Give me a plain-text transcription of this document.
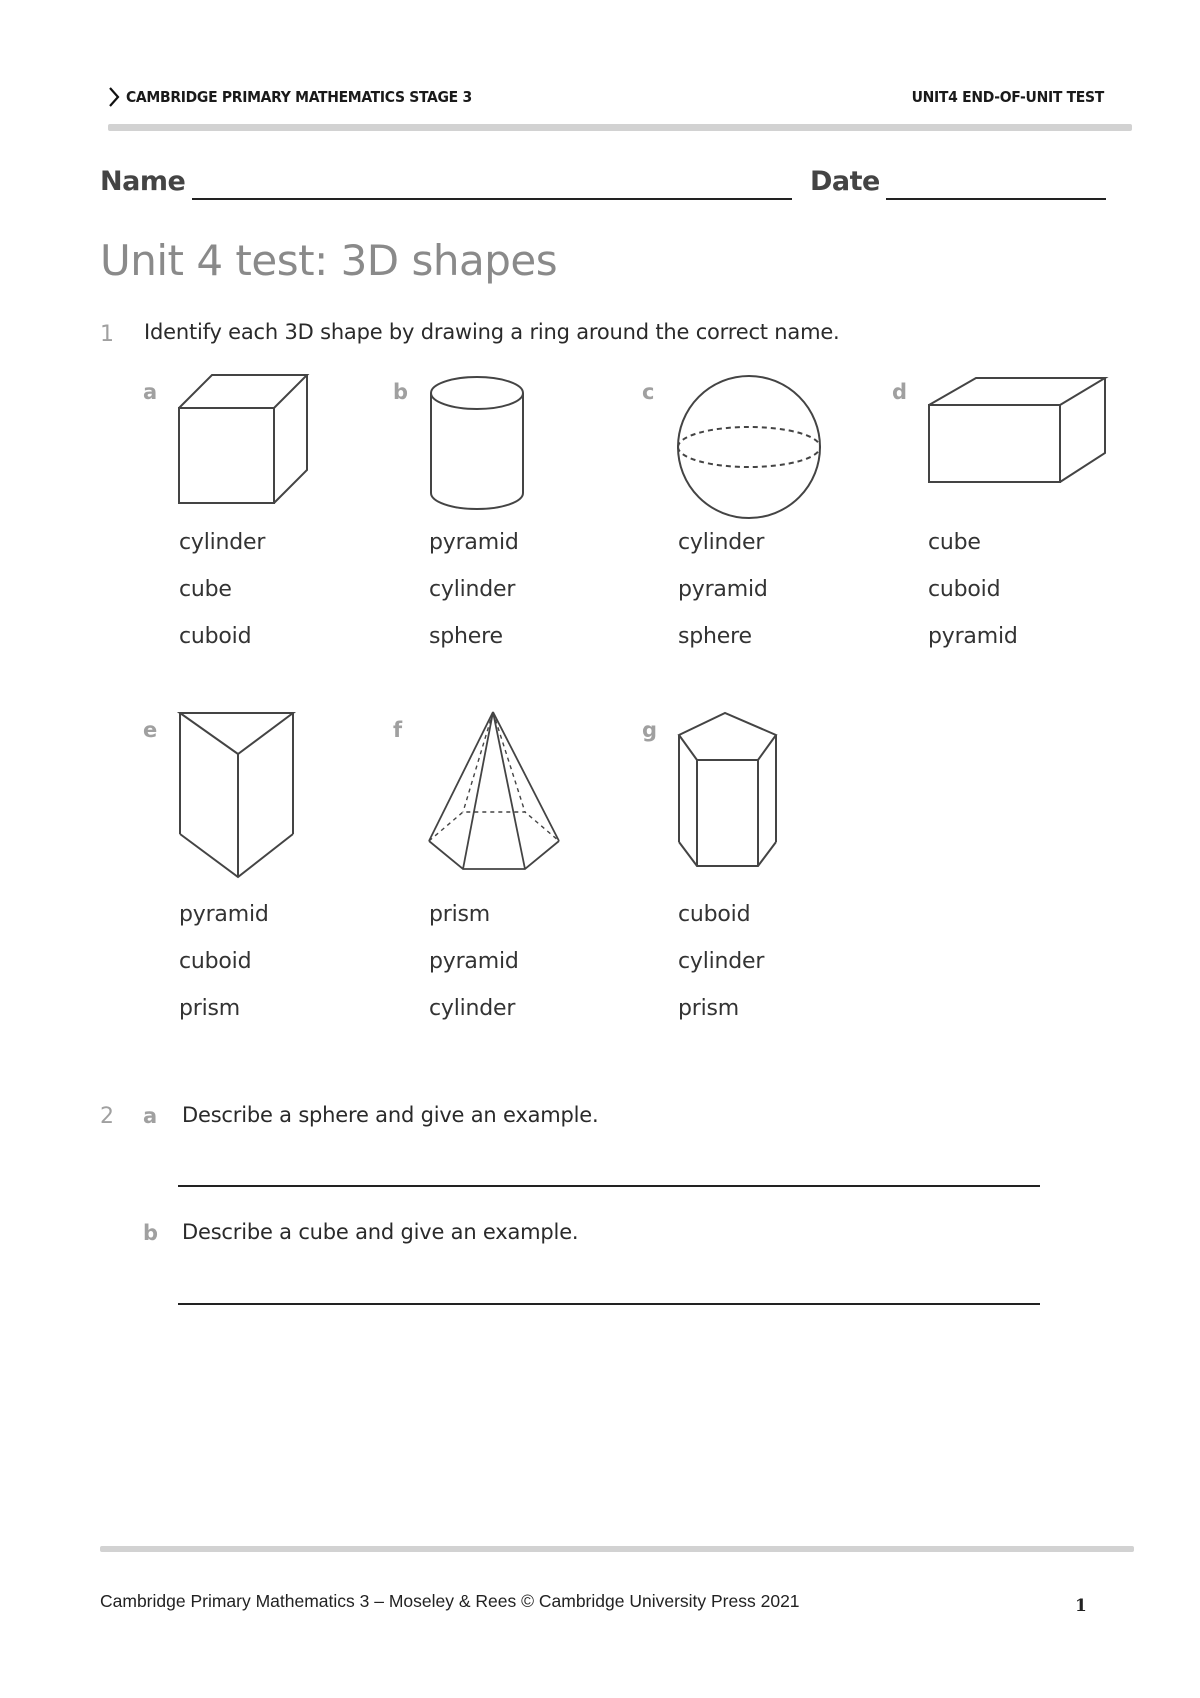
CAMBRIDGE PRIMARY MATHEMATICS STAGE 3	UNIT4 END-OF-UNIT TEST
Name	Date
Unit 4 test: 3D shapes
1 Identify each 3D shape by drawing a ring around the correct name.
a	b	c	d
cylinder
cube
cuboid
pyramid
cylinder
sphere
cylinder
pyramid
sphere
cube
cuboid
pyramid
e	f	g
pyramid
cuboid
prism
prism
pyramid
cylinder
cuboid
cylinder
prism
2 a Describe a sphere and give an example.
b Describe a cube and give an example.
Cambridge Primary Mathematics 3 – Moseley & Rees © Cambridge University Press 2021	1
